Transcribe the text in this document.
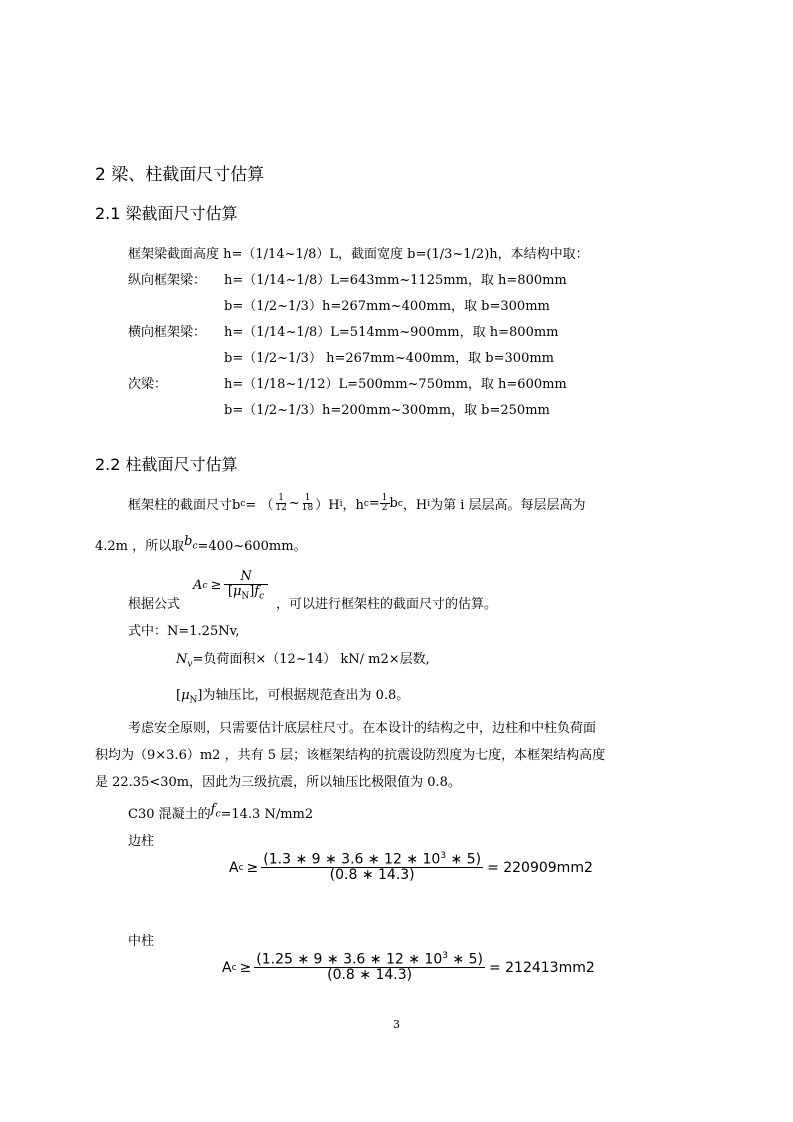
2 梁、柱截面尺寸估算
2.1 梁截面尺寸估算
框架梁截面高度 h=（1/14~1/8）L，截面宽度 b=(1/3~1/2)h，本结构中取：
纵向框架梁： h=（1/14~1/8）L=643mm~1125mm，取 h=800mm
b=（1/2~1/3）h=267mm~400mm，取 b=300mm
横向框架梁： h=（1/14~1/8）L=514mm~900mm，取 h=800mm
b=（1/2~1/3） h=267mm~400mm，取 b=300mm
次梁：	h=（1/18~1/12）L=500mm~750mm，取 h=600mm
b=（1/2~1/3）h=200mm~300mm，取 b=250mm
2.2 柱截面尺寸估算
框架柱的截面尺寸b c = （ $\frac{1}{12}$ ~ $\frac{1}{18} )H$ i ，h $c = \frac{1}{2}$ b c ，H i 为第 i 层层高。每层层高为
4.2m ，所以取$b_c=400\sim 600mm$。
根据公式
A $c \ge \frac{N}{[\mu_N]f_c}$
，可以进行框架柱的截面尺寸的估算。
式中：N=1.25Nv,
$N_v=$负荷面积×（12~14） kN/ m2×层数,
$[\mu_N]$为轴压比，可根据规范查出为 0.8。
考虑安全原则，只需要估计底层柱尺寸。在本设计的结构之中，边柱和中柱负荷面
积均为（9×3.6）m2 ，共有 5 层；该框架结构的抗震设防烈度为七度，本框架结构高度
是 22.35<30m，因此为三级抗震，所以轴压比极限值为 0.8。
C30 混凝土的$f_c=14.3$ N/mm2
边柱
A $c \ge \frac{(1.3 ∗ 9 ∗ 3.6 ∗ 12 ∗ 10^3 ∗ 5)}{(0.8 ∗ 14.3)} = 220909mm2$
中柱
A $c \ge \frac{(1.25 ∗ 9 ∗ 3.6 ∗ 12 ∗ 10^3 ∗ 5)}{(0.8 ∗ 14.3)} = 212413mm2$
3
